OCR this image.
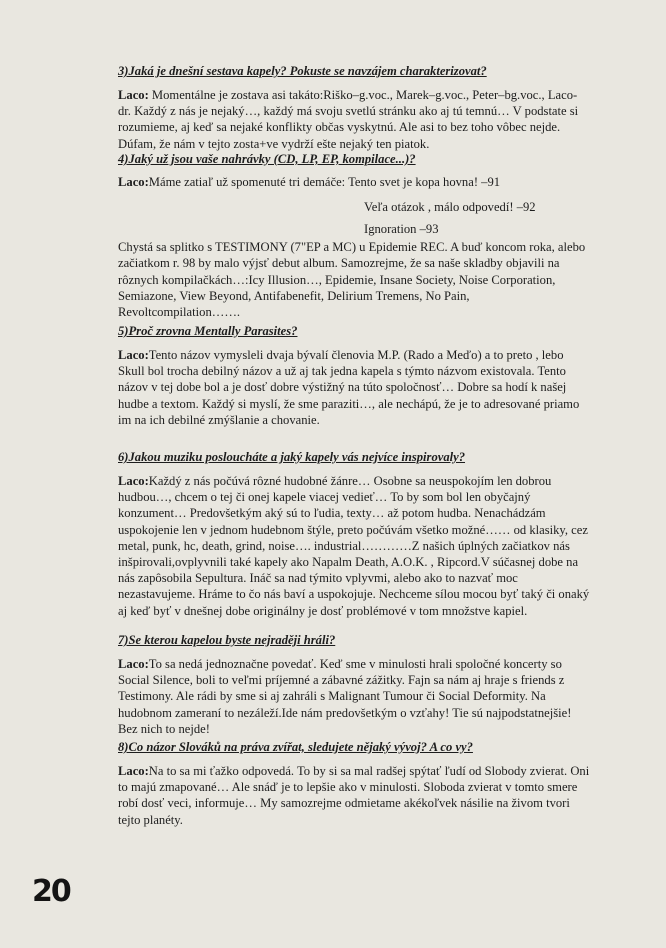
3)Jaká je dnešní sestava kapely? Pokuste se navzájem charakterizovat?

Laco: Momentálne je zostava asi takáto:Riško–g.voc., Marek–g.voc., Peter–bg.voc., Laco-dr. Každý z nás je nejaký…, každý má svoju svetlú stránku ako aj tú temnú… V podstate si rozumieme, aj keď sa nejaké konflikty občas vyskytnú. Ale asi to bez toho vôbec nejde. Dúfam, že nám v tejto zosta+ve vydrží ešte nejaký ten piatok.

4)Jaký už jsou vaše nahrávky (CD, LP, EP, kompilace...)?

Laco:Máme zatiaľ už spomenuté tri demáče: Tento svet je kopa hovna! –91
Veľa otázok , málo odpovedí! –92
Ignoration –93

Chystá sa splitko s TESTIMONY (7"EP a MC) u Epidemie REC. A buď koncom roka, alebo začiatkom r. 98 by malo výjsť debut album. Samozrejme, že sa naše skladby objavili na rôznych kompilačkách…:Icy Illusion…, Epidemie, Insane Society, Noise Corporation, Semiazone, View Beyond, Antifabenefit, Delirium Tremens, No Pain, Revoltcompilation…….

5)Proč zrovna Mentally Parasites?

Laco:Tento názov vymysleli dvaja bývalí členovia M.P. (Rado a Meďo) a to preto , lebo Skull bol trocha debilný názov a už aj tak jedna kapela s týmto názvom existovala. Tento názov v tej dobe bol a je dosť dobre výstižný na túto spoločnosť… Dobre sa hodí k našej hudbe a textom. Každý si myslí, že sme paraziti…, ale nechápú, že je to adresované priamo im na ich debilné zmýšlanie a chovanie.

6)Jakou muziku posloucháte a jaký kapely vás nejvíce inspirovaly?

Laco:Každý z nás počúvá rôzné hudobné žánre… Osobne sa neuspokojím len dobrou hudbou…, chcem o tej či onej kapele viacej vedieť… To by som bol len obyčajný konzument… Predovšetkým aký sú to ľudia, texty… až potom hudba. Nenachádzám uspokojenie len v jednom hudebnom štýle, preto počúvám všetko možné…… od klasiky, cez metal, punk, hc, death, grind, noise…. industrial…………Z našich úplných začiatkov nás inšpirovali,ovplyvnili také kapely ako Napalm Death, A.O.K. , Ripcord.V súčasnej dobe na nás zapôsobila Sepultura. Ináč sa nad týmito vplyvmi, alebo ako to nazvať moc nezastavujeme. Hráme to čo nás baví a uspokojuje. Nechceme sílou mocou byť taký či onaký aj keď byť v dnešnej dobe originálny je dosť problémové v tom množstve kapiel.

7)Se kterou kapelou byste nejraději hráli?

Laco:To sa nedá jednoznačne povedať. Keď sme v minulosti hrali spoločné koncerty so Social Silence, boli to veľmi príjemné a zábavné zážitky. Fajn sa nám aj hraje s friends z Testimony. Ale rádi by sme si aj zahráli s Malignant Tumour či Social Deformity. Na hudobnom zameraní to nezáleží.Ide nám predovšetkým o vzťahy! Tie sú najpodstatnejšie! Bez nich to nejde!

8)Co názor Slováků na práva zvířat, sledujete nějaký vývoj? A co vy?

Laco:Na to sa mi ťažko odpovedá. To by si sa mal radšej spýtať ľudí od Slobody zvierat. Oni to majú zmapované… Ale snáď je to lepšie ako v minulosti. Sloboda zvierat v tomto smere robí dosť veci, informuje… My samozrejme odmietame akékoľvek násilie na živom tvori tejto planéty.

20
